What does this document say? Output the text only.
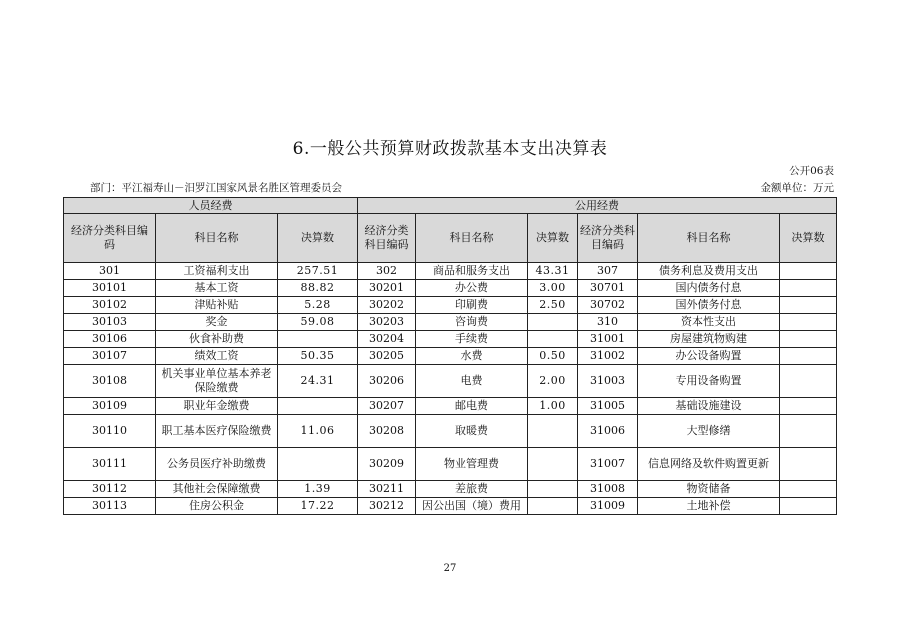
6.一般公共预算财政拨款基本支出决算表
公开06表
部门：平江福寿山－汨罗江国家风景名胜区管理委员会	金额单位：万元
人员经费			公用经费					
经济分类科目编码	科目名称	决算数	经济分类科目编码	科目名称	决算数	经济分类科目编码	科目名称	决算数
301	工资福利支出	257.51	302	商品和服务支出	43.31	307	债务利息及费用支出	
30101	基本工资	88.82	30201	办公费	3.00	30701	国内债务付息	
30102	津贴补贴	5.28	30202	印刷费	2.50	30702	国外债务付息	
30103	奖金	59.08	30203	咨询费		310	资本性支出	
30106	伙食补助费		30204	手续费		31001	房屋建筑物购建	
30107	绩效工资	50.35	30205	水费	0.50	31002	办公设备购置	
30108	机关事业单位基本养老保险缴费	24.31	30206	电费	2.00	31003	专用设备购置	
30109	职业年金缴费		30207	邮电费	1.00	31005	基础设施建设	
30110	职工基本医疗保险缴费	11.06	30208	取暖费		31006	大型修缮	
30111	公务员医疗补助缴费		30209	物业管理费		31007	信息网络及软件购置更新	
30112	其他社会保障缴费	1.39	30211	差旅费		31008	物资储备	
30113	住房公积金	17.22	30212	因公出国（境）费用		31009	土地补偿	
27
